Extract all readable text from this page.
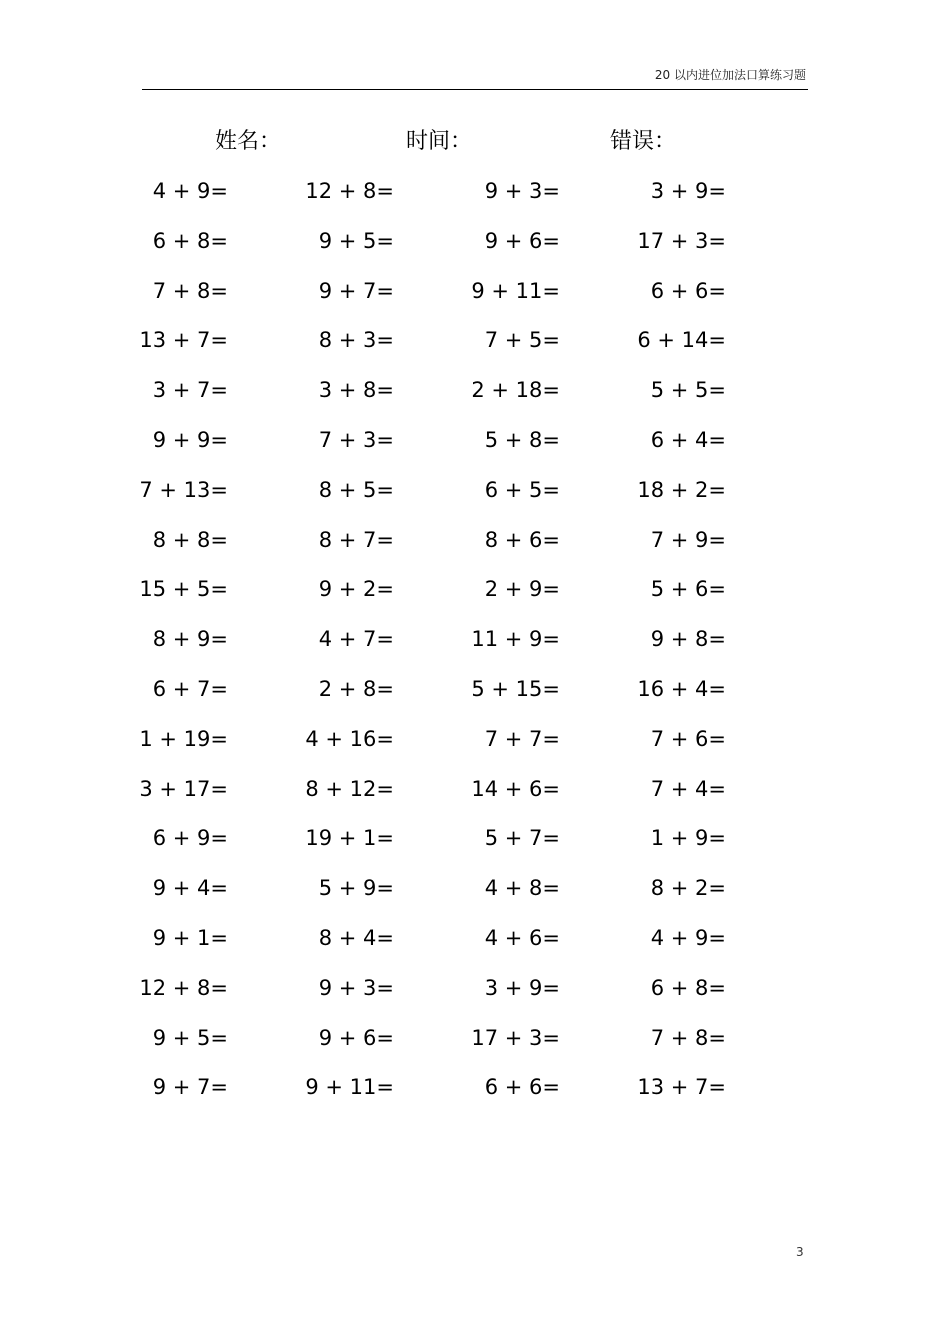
20 以内进位加法口算练习题
姓名：	时间：	错误：
4 + 9=	12 + 8=	9 + 3=	3 + 9=
6 + 8=	9 + 5=	9 + 6=	17 + 3=
7 + 8=	9 + 7=	9 + 11=	6 + 6=
13 + 7=	8 + 3=	7 + 5=	6 + 14=
3 + 7=	3 + 8=	2 + 18=	5 + 5=
9 + 9=	7 + 3=	5 + 8=	6 + 4=
7 + 13=	8 + 5=	6 + 5=	18 + 2=
8 + 8=	8 + 7=	8 + 6=	7 + 9=
15 + 5=	9 + 2=	2 + 9=	5 + 6=
8 + 9=	4 + 7=	11 + 9=	9 + 8=
6 + 7=	2 + 8=	5 + 15=	16 + 4=
1 + 19=	4 + 16=	7 + 7=	7 + 6=
3 + 17=	8 + 12=	14 + 6=	7 + 4=
6 + 9=	19 + 1=	5 + 7=	1 + 9=
9 + 4=	5 + 9=	4 + 8=	8 + 2=
9 + 1=	8 + 4=	4 + 6=	4 + 9=
12 + 8=	9 + 3=	3 + 9=	6 + 8=
9 + 5=	9 + 6=	17 + 3=	7 + 8=
9 + 7=	9 + 11=	6 + 6=	13 + 7=
3
